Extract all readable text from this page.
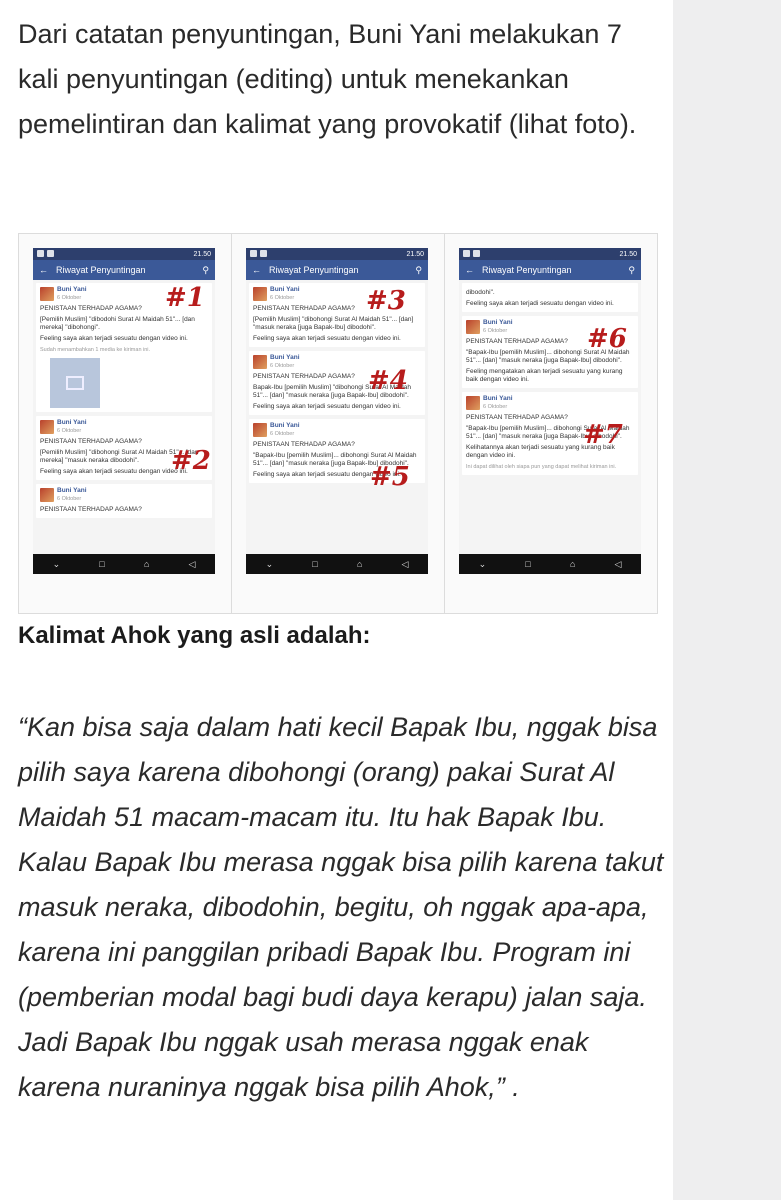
Dari catatan penyuntingan, Buni Yani melakukan 7 kali penyuntingan (editing) untuk menekankan pemelintiran dan kalimat yang provokatif (lihat foto).

21.50
← Riwayat Penyuntingan	⚲
Buni Yani
6 Oktober

PENISTAAN TERHADAP AGAMA?

[Pemilih Muslim] "dibodohi Surat Al Maidah 51"... [dan mereka] "dibohongi".

Feeling saya akan terjadi sesuatu dengan video ini.

Sudah menambahkan 1 media ke kiriman ini.

Buni Yani
6 Oktober

PENISTAAN TERHADAP AGAMA?

[Pemilih Muslim] "dibohongi Surat Al Maidah 51"... [dan mereka] "masuk neraka dibodohi".

Feeling saya akan terjadi sesuatu dengan video ini.

Buni Yani
6 Oktober

PENISTAAN TERHADAP AGAMA?

⌄	□	⌂	◁
#1
#2
21.50
← Riwayat Penyuntingan	⚲
Buni Yani
6 Oktober

PENISTAAN TERHADAP AGAMA?

[Pemilih Muslim] "dibohongi Surat Al Maidah 51"... [dan] "masuk neraka [juga Bapak-Ibu] dibodohi".

Feeling saya akan terjadi sesuatu dengan video ini.

Buni Yani
6 Oktober

PENISTAAN TERHADAP AGAMA?

Bapak-Ibu [pemilih Muslim] "dibohongi Surat Al Maidah 51"... [dan] "masuk neraka [juga Bapak-Ibu] dibodohi".

Feeling saya akan terjadi sesuatu dengan video ini.

Buni Yani
6 Oktober

PENISTAAN TERHADAP AGAMA?

"Bapak-Ibu [pemilih Muslim]... dibohongi Surat Al Maidah 51"... [dan] "masuk neraka [juga Bapak-Ibu] dibodohi".

Feeling saya akan terjadi sesuatu dengan video ini.

⌄	□	⌂	◁
#3
#4
#5
21.50
← Riwayat Penyuntingan	⚲

dibodohi".

Feeling saya akan terjadi sesuatu dengan video ini.

Buni Yani
6 Oktober

PENISTAAN TERHADAP AGAMA?

"Bapak-Ibu [pemilih Muslim]... dibohongi Surat Al Maidah 51"... [dan] "masuk neraka [juga Bapak-Ibu] dibodohi".

Feeling mengatakan akan terjadi sesuatu yang kurang baik dengan video ini.

Buni Yani
6 Oktober

PENISTAAN TERHADAP AGAMA?

"Bapak-Ibu [pemilih Muslim]... dibohongi Surat Al Maidah 51"... [dan] "masuk neraka [juga Bapak-Ibu] dibodohi".

Kelihatannya akan terjadi sesuatu yang kurang baik dengan video ini.

Ini dapat dilihat oleh siapa pun yang dapat melihat kiriman ini.

⌄	□	⌂	◁
#6
#7
Kalimat Ahok yang asli adalah:

“Kan bisa saja dalam hati kecil Bapak Ibu, nggak bisa pilih saya karena dibohongi (orang) pakai Surat Al Maidah 51 macam-macam itu. Itu hak Bapak Ibu. Kalau Bapak Ibu merasa nggak bisa pilih karena takut masuk neraka, dibodohin, begitu, oh nggak apa-apa, karena ini panggilan pribadi Bapak Ibu. Program ini (pemberian modal bagi budi daya kerapu) jalan saja. Jadi Bapak Ibu nggak usah merasa nggak enak karena nuraninya nggak bisa pilih Ahok,” .
